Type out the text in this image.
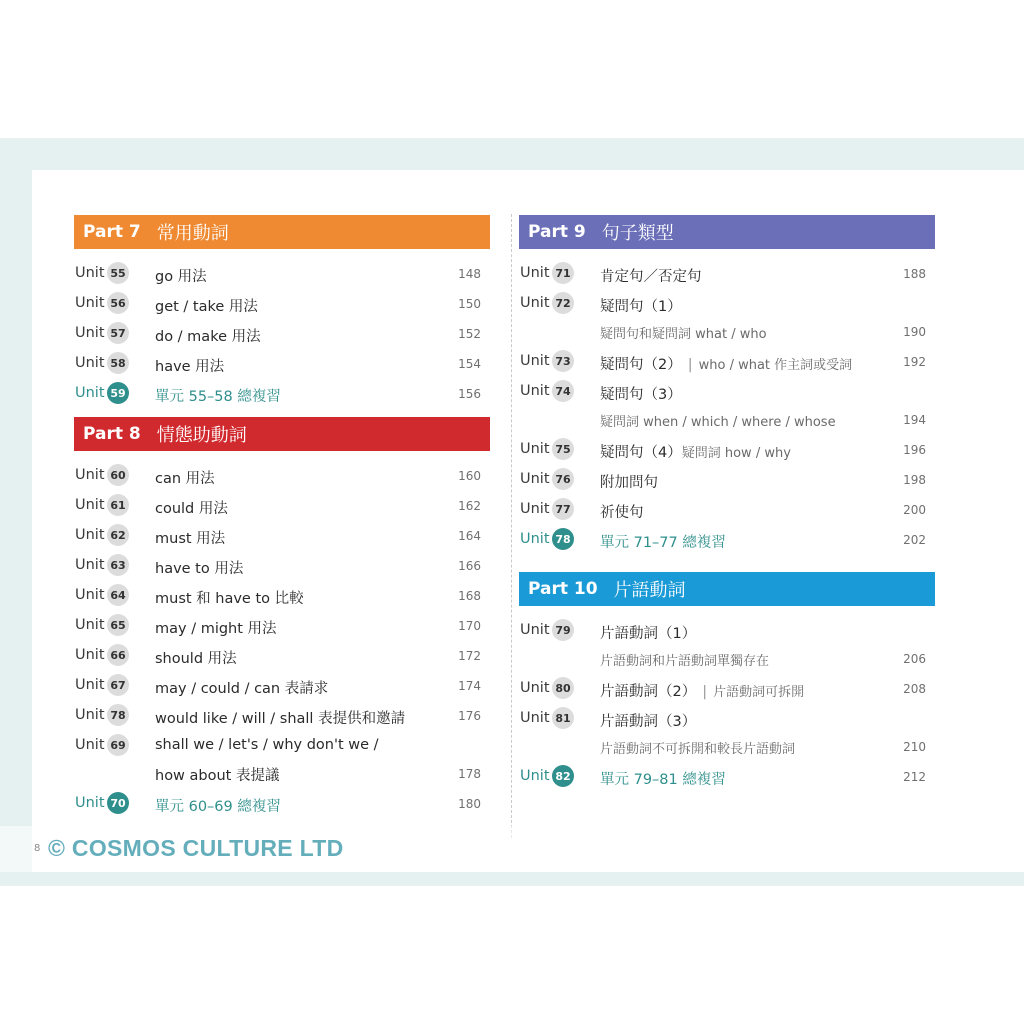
Part 7 常用動詞
Unit 55 go 用法	148
Unit 56 get / take 用法	150
Unit 57 do / make 用法	152
Unit 58 have 用法	154
Unit 59 單元 55–58 總複習	156
Part 8 情態助動詞
Unit 60 can 用法	160
Unit 61 could 用法	162
Unit 62 must 用法	164
Unit 63 have to 用法	166
Unit 64 must 和 have to 比較	168
Unit 65 may / might 用法	170
Unit 66 should 用法	172
Unit 67 may / could / can 表請求	174
Unit 78 would like / will / shall 表提供和邀請	176
Unit 69 shall we / let's / why don't we /
how about 表提議	178
Unit 70 單元 60–69 總複習	180
Part 9 句子類型
Unit 71 肯定句／否定句	188
Unit 72 疑問句（1）
疑問句和疑問詞 what / who	190
Unit 73 疑問句（2） | who / what 作主詞或受詞	192
Unit 74 疑問句（3）
疑問詞 when / which / where / whose	194
Unit 75 疑問句（4）疑問詞 how / why	196
Unit 76 附加問句	198
Unit 77 祈使句	200
Unit 78 單元 71–77 總複習	202
Part 10 片語動詞
Unit 79 片語動詞（1）
片語動詞和片語動詞單獨存在	206
Unit 80 片語動詞（2） | 片語動詞可拆開	208
Unit 81 片語動詞（3）
片語動詞不可拆開和較長片語動詞	210
Unit 82 單元 79–81 總複習	212
8 © COSMOS CULTURE LTD
